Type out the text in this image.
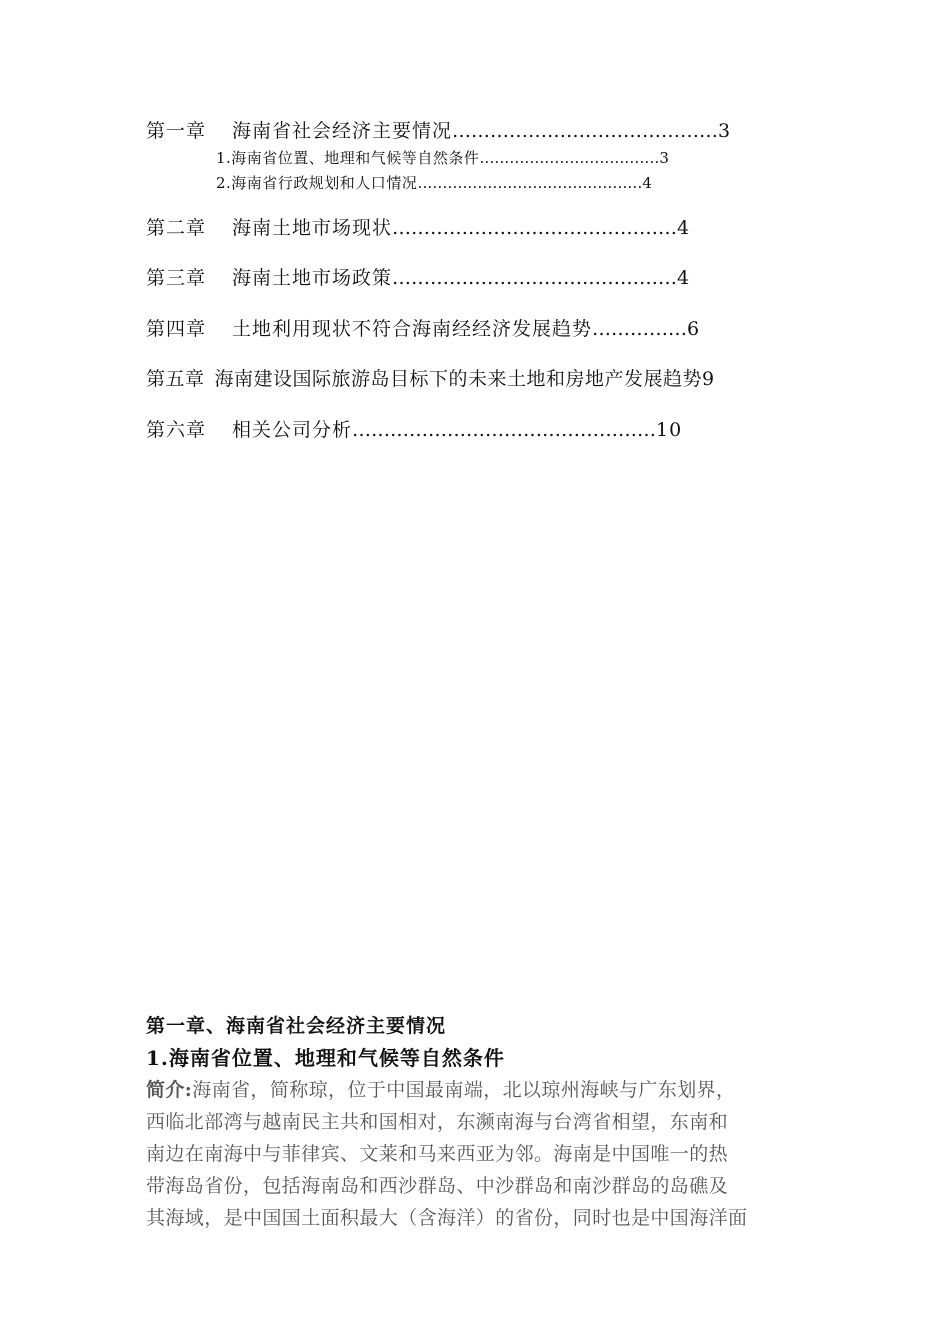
第一章 海南省社会经济主要情况……………………………………3
1.海南省位置、地理和气候等自然条件………………………………3
2.海南省行政规划和人口情况………………………………………4
第二章 海南土地市场现状………………………………………4
第三章 海南土地市场政策………………………………………4
第四章 土地利用现状不符合海南经经济发展趋势……………6
第五章 海南建设国际旅游岛目标下的未来土地和房地产发展趋势9
第六章 相关公司分析…………………………………………10
第一章、海南省社会经济主要情况
1.海南省位置、地理和气候等自然条件
简介:海南省，简称琼，位于中国最南端，北以琼州海峡与广东划界，
西临北部湾与越南民主共和国相对，东濒南海与台湾省相望，东南和
南边在南海中与菲律宾、文莱和马来西亚为邻。海南是中国唯一的热
带海岛省份，包括海南岛和西沙群岛、中沙群岛和南沙群岛的岛礁及
其海域，是中国国土面积最大（含海洋）的省份，同时也是中国海洋面
